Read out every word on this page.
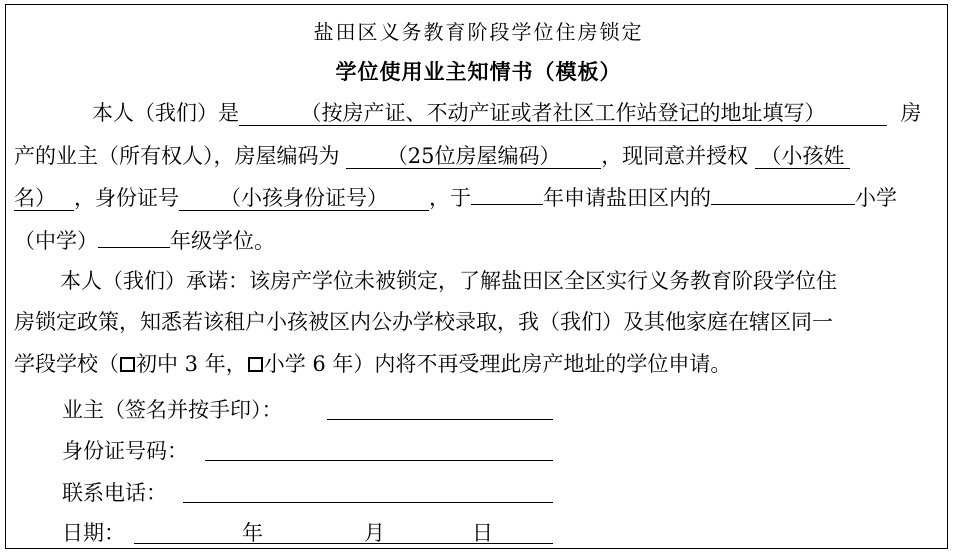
盐田区义务教育阶段学位住房锁定
学位使用业主知情书（模板）
本人（我们）是	（按房产证、不动产证或者社区工作站登记的地址填写）	房
产的业主（所有权人），房屋编码为 （25位房屋编码） ，现同意并授权 （小孩姓
名） ，身份证号 （小孩身份证号） ，于	年申请盐田区内的	小学
（中学）	年级学位。
本人（我们）承诺：该房产学位未被锁定，了解盐田区全区实行义务教育阶段学位住
房锁定政策，知悉若该租户小孩被区内公办学校录取，我（我们）及其他家庭在辖区同一
学段学校（ 初中 3 年， 小学 6 年）内将不再受理此房产地址的学位申请。
业主（签名并按手印）：
身份证号码：
联系电话：
日期：	年	月	日
